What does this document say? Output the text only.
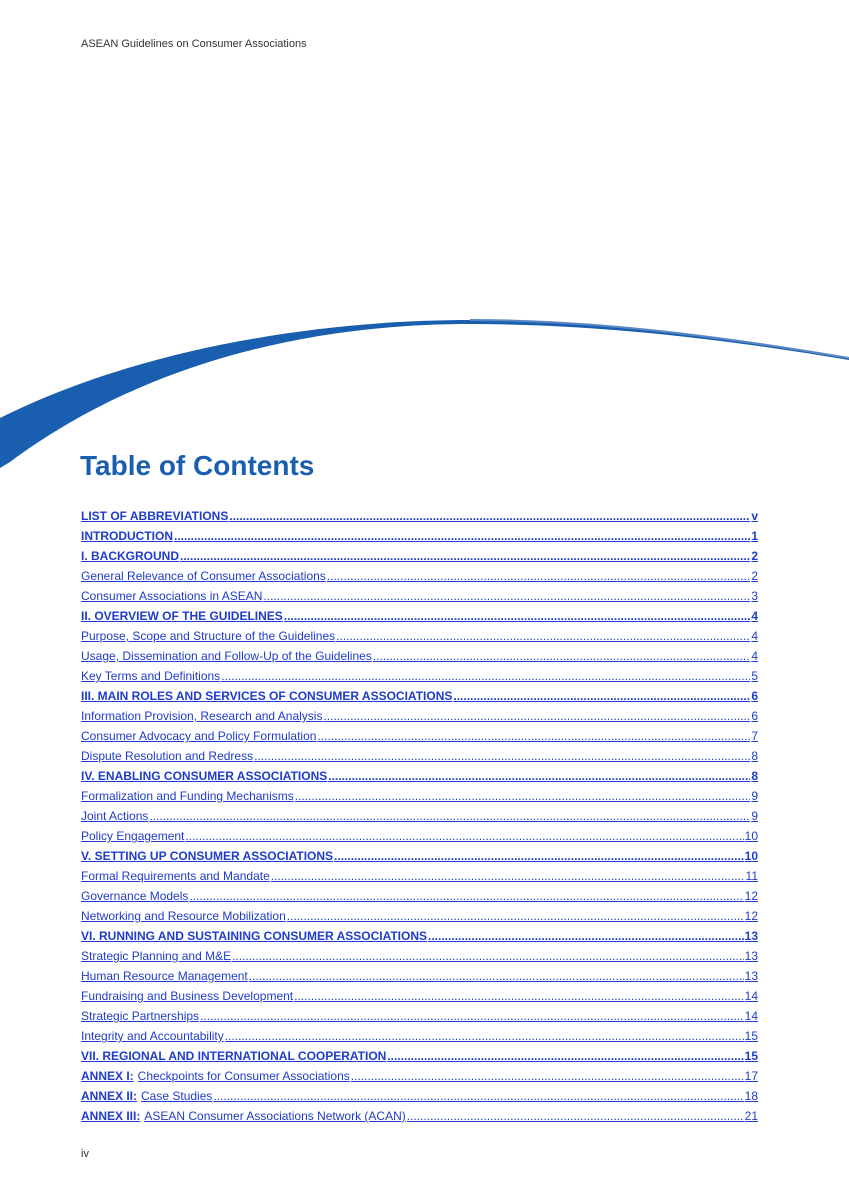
ASEAN Guidelines on Consumer Associations
Table of Contents
LIST OF ABBREVIATIONS .....	v
INTRODUCTION .....	1
I. BACKGROUND .....	2
General Relevance of Consumer Associations .....	2
Consumer Associations in ASEAN .....	3
II. OVERVIEW OF THE GUIDELINES .....	4
Purpose, Scope and Structure of the Guidelines .....	4
Usage, Dissemination and Follow-Up of the Guidelines .....	4
Key Terms and Definitions .....	5
III. MAIN ROLES AND SERVICES OF CONSUMER ASSOCIATIONS .....	6
Information Provision, Research and Analysis .....	6
Consumer Advocacy and Policy Formulation .....	7
Dispute Resolution and Redress .....	8
IV. ENABLING CONSUMER ASSOCIATIONS .....	8
Formalization and Funding Mechanisms .....	9
Joint Actions .....	9
Policy Engagement .....	10
V. SETTING UP CONSUMER ASSOCIATIONS .....	10
Formal Requirements and Mandate .....	11
Governance Models .....	12
Networking and Resource Mobilization .....	12
VI. RUNNING AND SUSTAINING CONSUMER ASSOCIATIONS .....	13
Strategic Planning and M&E .....	13
Human Resource Management .....	13
Fundraising and Business Development .....	14
Strategic Partnerships .....	14
Integrity and Accountability .....	15
VII. REGIONAL AND INTERNATIONAL COOPERATION .....	15
ANNEX I: Checkpoints for Consumer Associations .....	17
ANNEX II: Case Studies .....	18
ANNEX III: ASEAN Consumer Associations Network (ACAN) .....	21
iv
